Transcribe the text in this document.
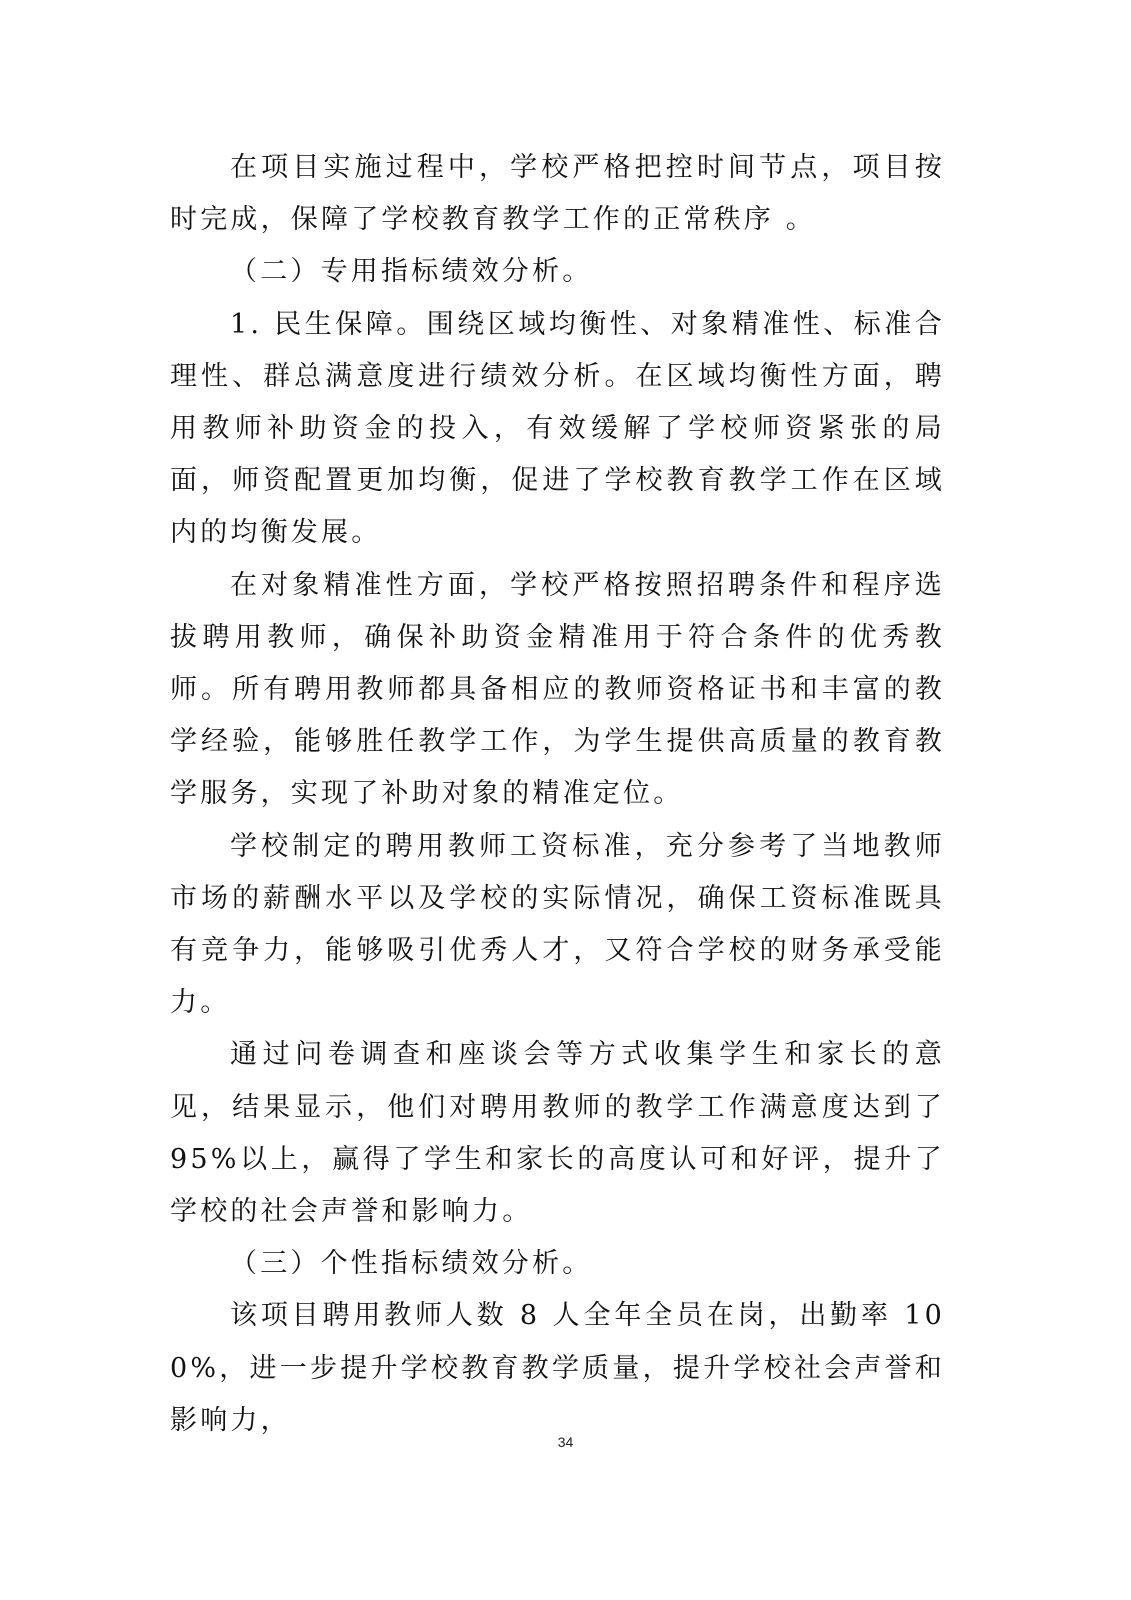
在项目实施过程中，学校严格把控时间节点，项目按时完成，保障了学校教育教学工作的正常秩序 。

（二）专用指标绩效分析。

1. 民生保障。围绕区域均衡性、对象精准性、标准合理性、群总满意度进行绩效分析。在区域均衡性方面，聘用教师补助资金的投入，有效缓解了学校师资紧张的局面，师资配置更加均衡，促进了学校教育教学工作在区域内的均衡发展。

在对象精准性方面，学校严格按照招聘条件和程序选拔聘用教师，确保补助资金精准用于符合条件的优秀教师。所有聘用教师都具备相应的教师资格证书和丰富的教学经验，能够胜任教学工作，为学生提供高质量的教育教学服务，实现了补助对象的精准定位。

学校制定的聘用教师工资标准，充分参考了当地教师市场的薪酬水平以及学校的实际情况，确保工资标准既具有竞争力，能够吸引优秀人才，又符合学校的财务承受能力。

通过问卷调查和座谈会等方式收集学生和家长的意见，结果显示，他们对聘用教师的教学工作满意度达到了 95%以上，赢得了学生和家长的高度认可和好评，提升了学校的社会声誉和影响力。

（三）个性指标绩效分析。

该项目聘用教师人数 8 人全年全员在岗，出勤率 100%，进一步提升学校教育教学质量，提升学校社会声誉和影响力，

34
